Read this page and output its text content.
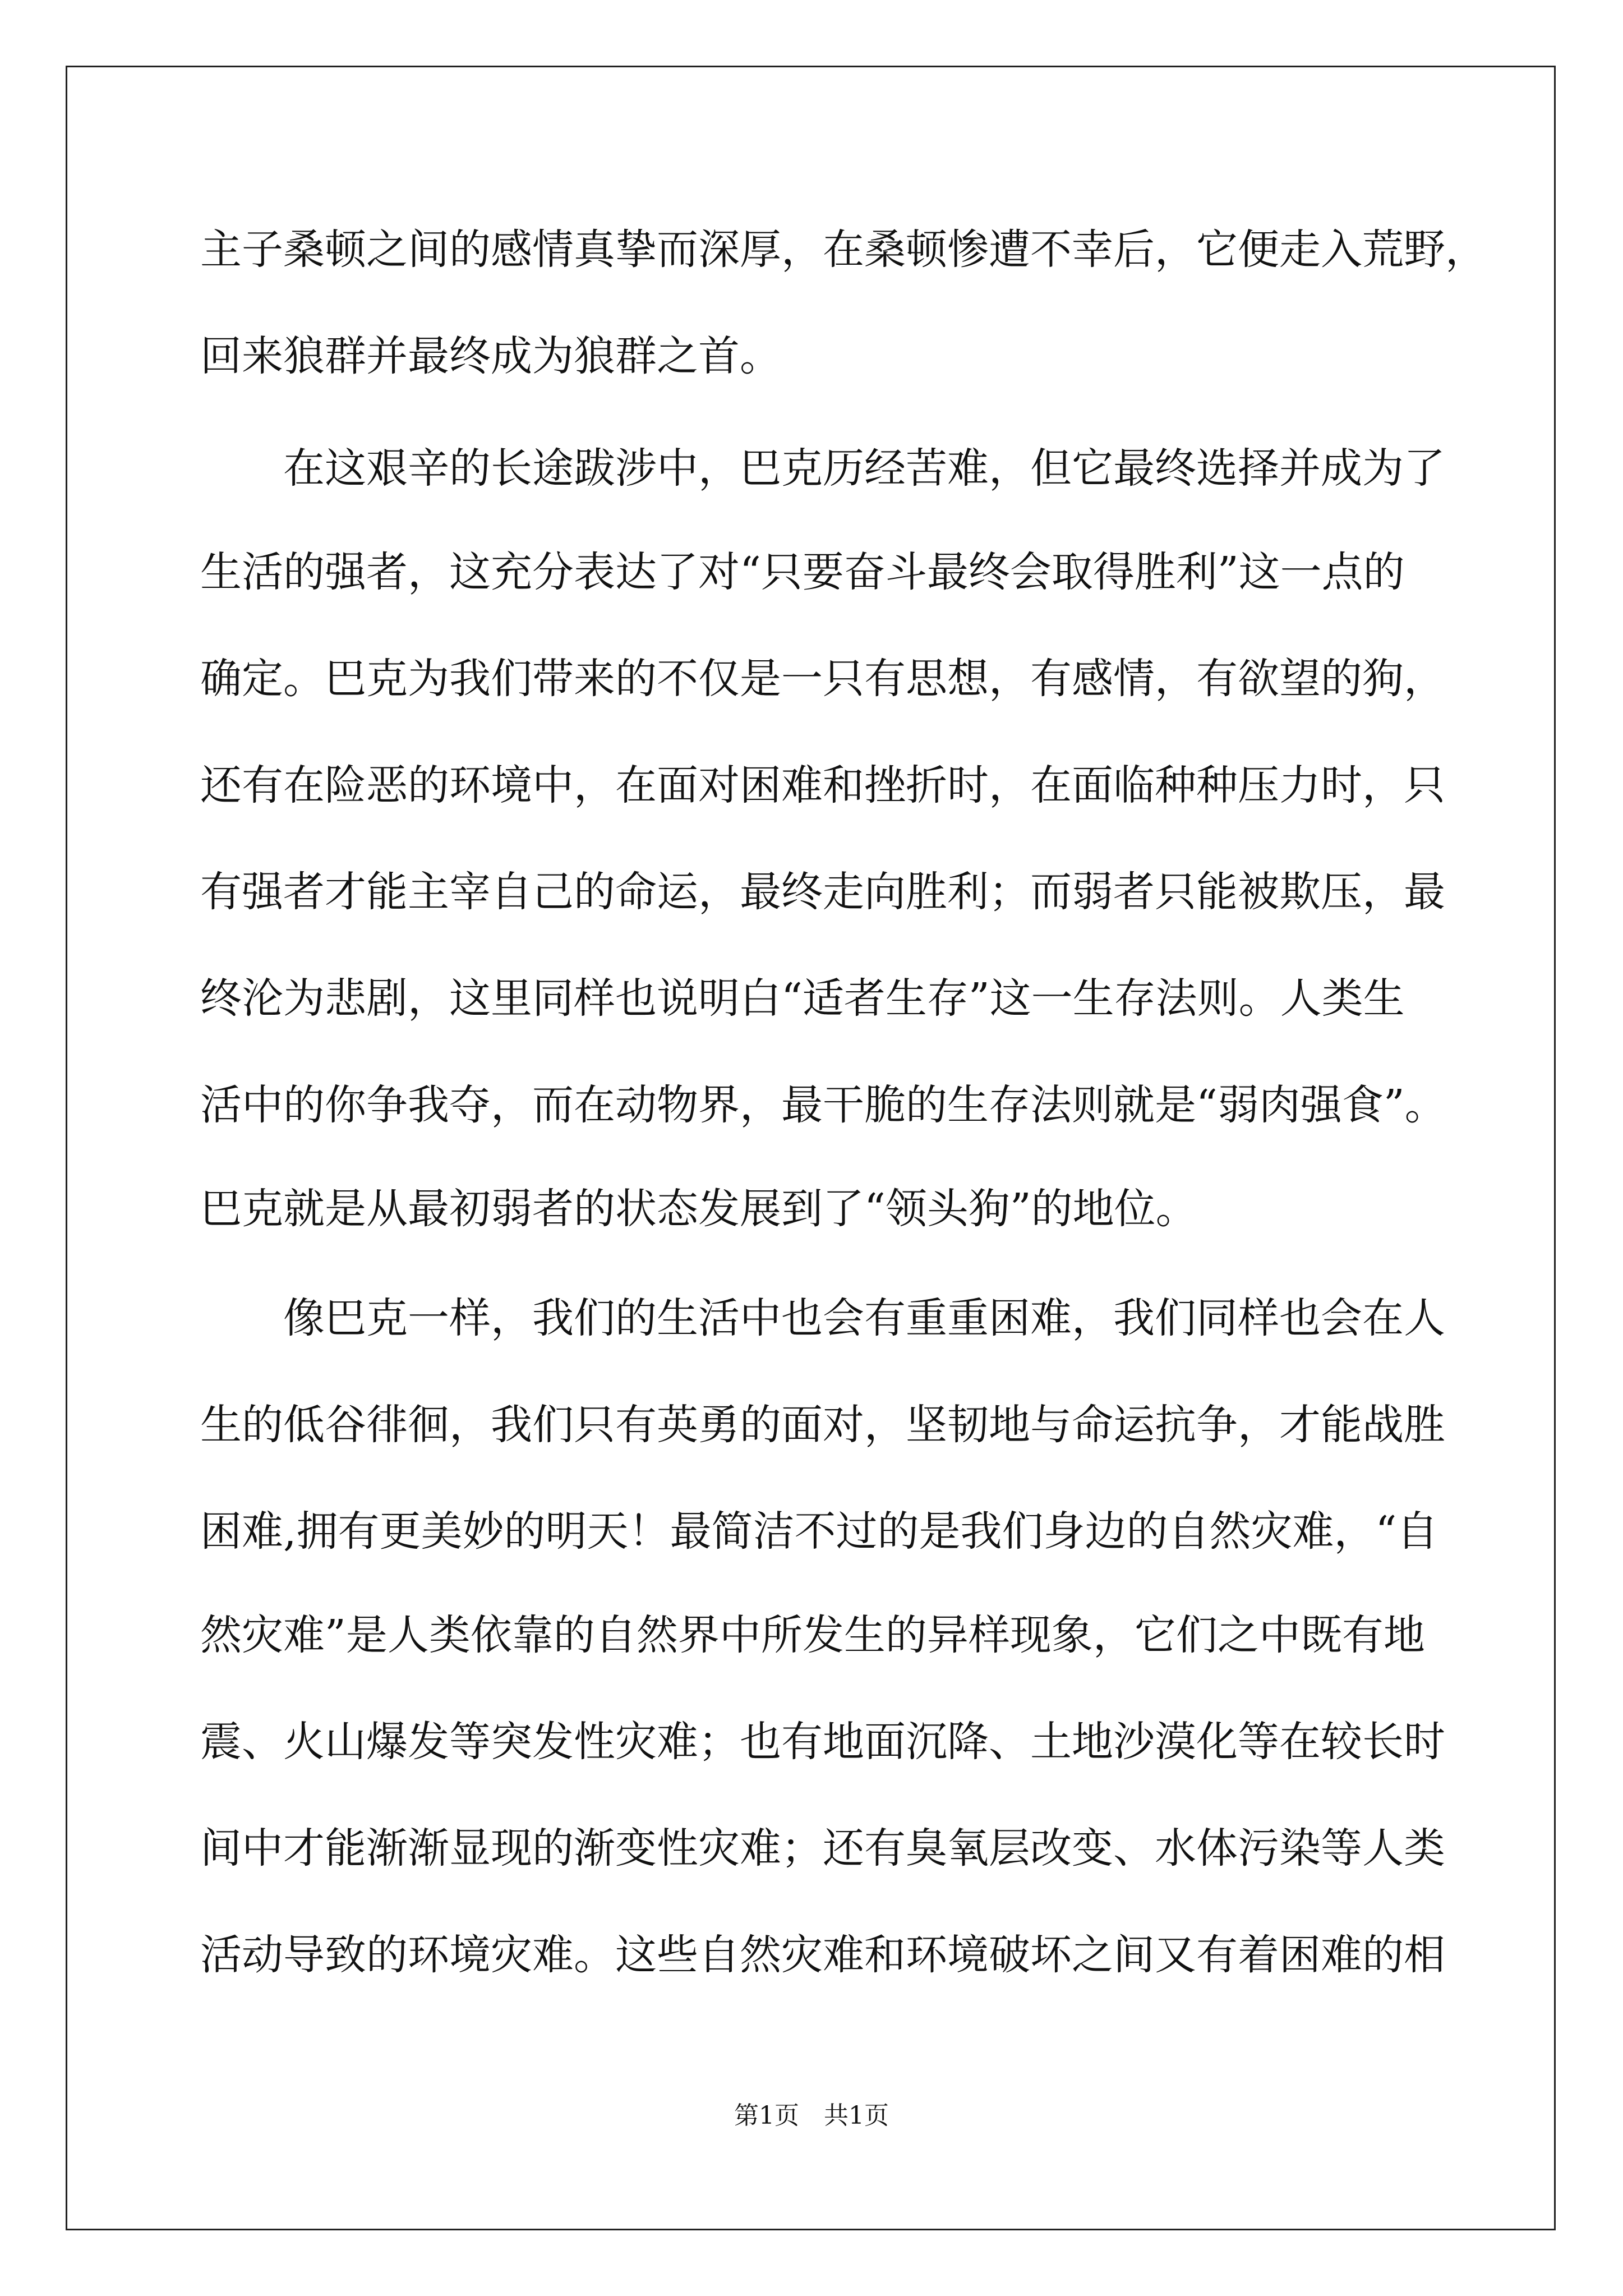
主子桑顿之间的感情真挚而深厚，在桑顿惨遭不幸后，它便走入荒野，
回来狼群并最终成为狼群之首。
在这艰辛的长途跋涉中，巴克历经苦难，但它最终选择并成为了
生活的强者，这充分表达了对“只要奋斗最终会取得胜利”这一点的
确定。巴克为我们带来的不仅是一只有思想，有感情，有欲望的狗，
还有在险恶的环境中，在面对困难和挫折时，在面临种种压力时，只
有强者才能主宰自己的命运，最终走向胜利；而弱者只能被欺压，最
终沦为悲剧，这里同样也说明白“适者生存”这一生存法则。人类生
活中的你争我夺，而在动物界，最干脆的生存法则就是“弱肉强食”。
巴克就是从最初弱者的状态发展到了“领头狗”的地位。
像巴克一样，我们的生活中也会有重重困难，我们同样也会在人
生的低谷徘徊，我们只有英勇的面对，坚韧地与命运抗争，才能战胜
困难,拥有更美妙的明天！最简洁不过的是我们身边的自然灾难，“自
然灾难”是人类依靠的自然界中所发生的异样现象，它们之中既有地
震、火山爆发等突发性灾难；也有地面沉降、土地沙漠化等在较长时
间中才能渐渐显现的渐变性灾难；还有臭氧层改变、水体污染等人类
活动导致的环境灾难。这些自然灾难和环境破坏之间又有着困难的相
第1页　共1页
